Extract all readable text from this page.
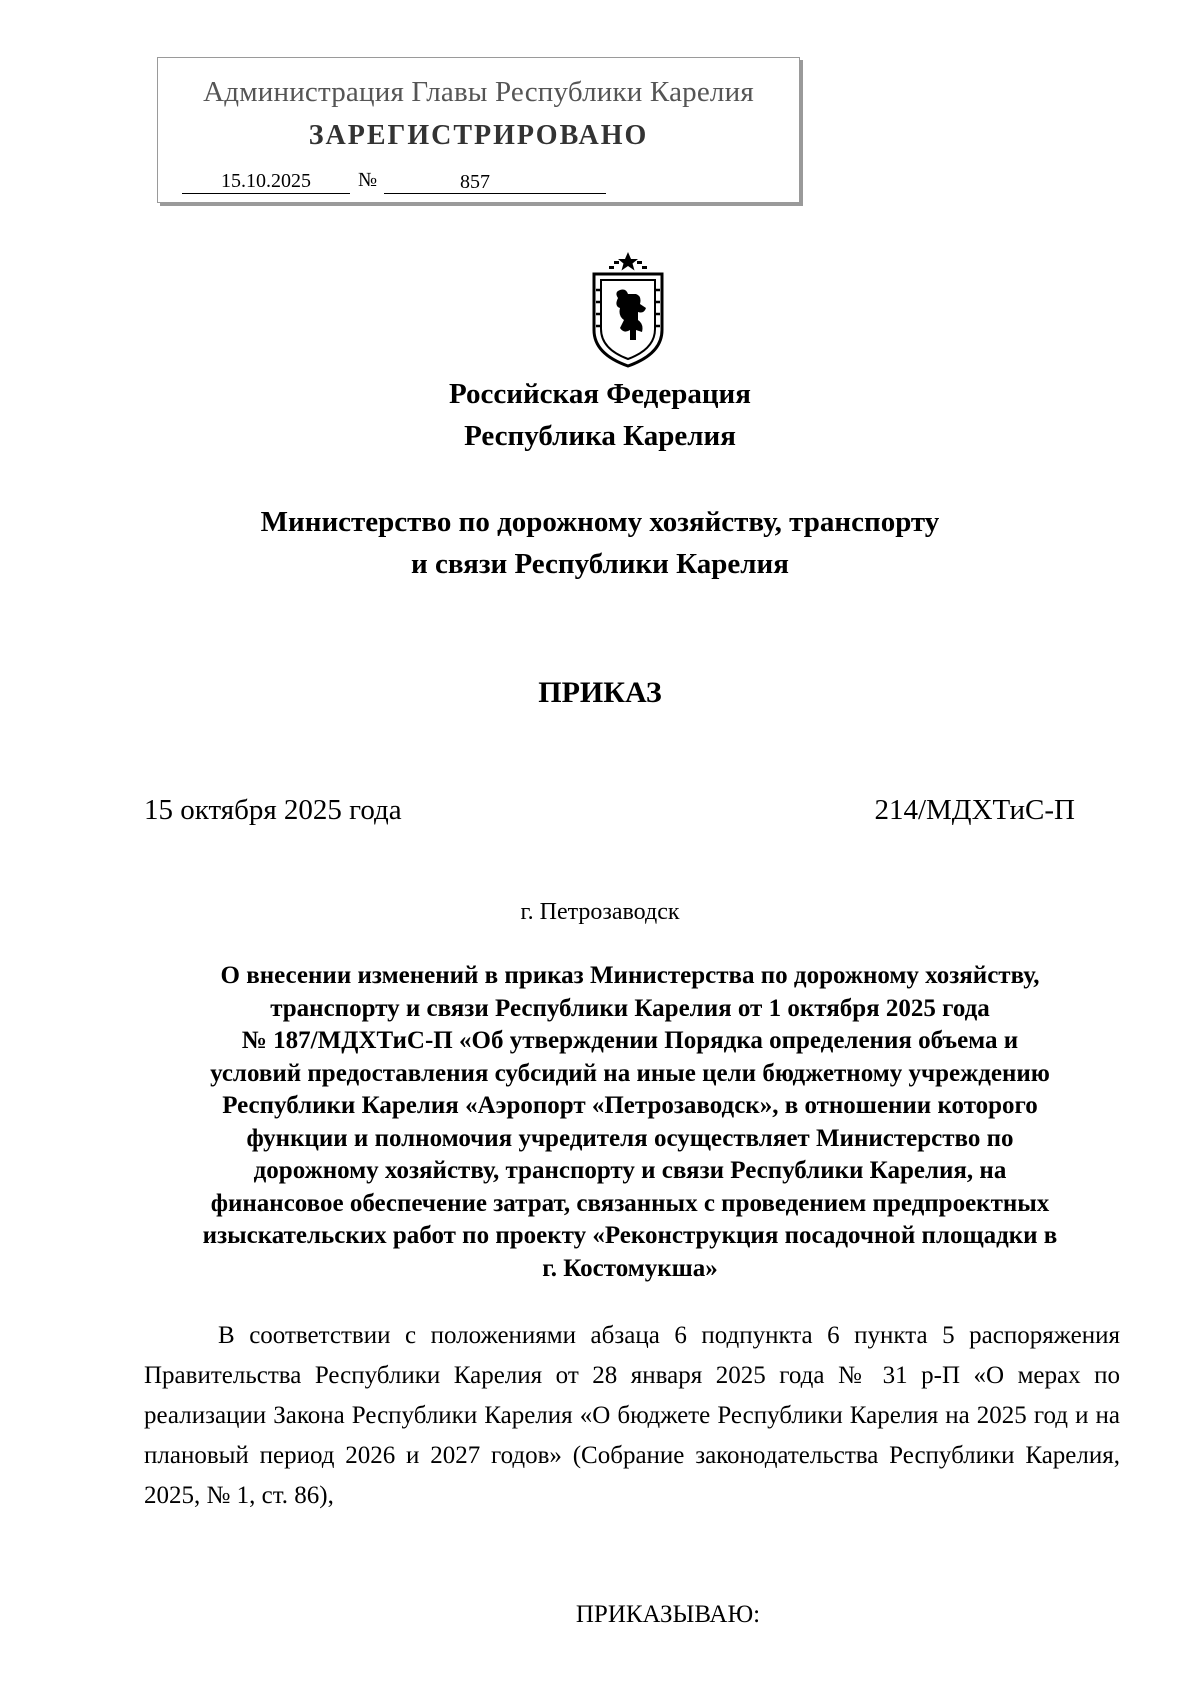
Администрация Главы Республики Карелия
ЗАРЕГИСТРИРОВАНО
15.10.2025	№	857
Российская Федерация
Республика Карелия
Министерство по дорожному хозяйству, транспорту
и связи Республики Карелия
ПРИКАЗ
15 октября 2025 года	214/МДХТиС-П
г. Петрозаводск
О внесении изменений в приказ Министерства по дорожному хозяйству,
транспорту и связи Республики Карелия от 1 октября 2025 года
№ 187/МДХТиС-П «Об утверждении Порядка определения объема и
условий предоставления субсидий на иные цели бюджетному учреждению
Республики Карелия «Аэропорт «Петрозаводск», в отношении которого
функции и полномочия учредителя осуществляет Министерство по
дорожному хозяйству, транспорту и связи Республики Карелия, на
финансовое обеспечение затрат, связанных с проведением предпроектных
изыскательских работ по проекту «Реконструкция посадочной площадки в
г. Костомукша»
В соответствии с положениями абзаца 6 подпункта 6 пункта 5 распоряжения Правительства Республики Карелия от 28 января 2025 года № 31 р-П «О мерах по реализации Закона Республики Карелия «О бюджете Республики Карелия на 2025 год и на плановый период 2026 и 2027 годов» (Собрание законодательства Республики Карелия, 2025, № 1, ст. 86),
ПРИКАЗЫВАЮ:
